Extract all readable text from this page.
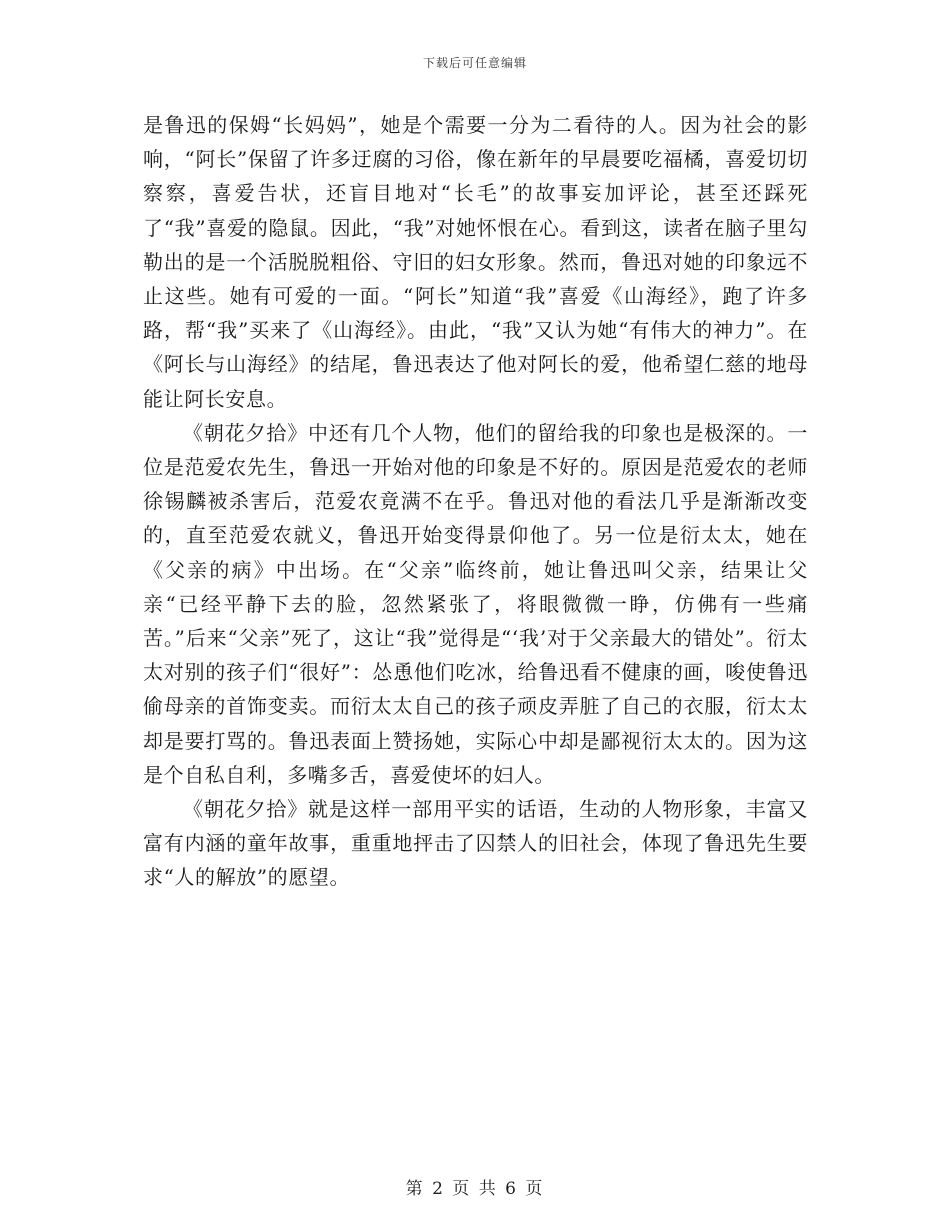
下载后可任意编辑

是鲁迅的保姆“长妈妈”，她是个需要一分为二看待的人。因为社会的影响，“阿长”保留了许多迂腐的习俗，像在新年的早晨要吃福橘，喜爱切切察察，喜爱告状，还盲目地对“长毛”的故事妄加评论，甚至还踩死了“我”喜爱的隐鼠。因此，“我”对她怀恨在心。看到这，读者在脑子里勾勒出的是一个活脱脱粗俗、守旧的妇女形象。然而，鲁迅对她的印象远不止这些。她有可爱的一面。“阿长”知道“我”喜爱《山海经》，跑了许多路，帮“我”买来了《山海经》。由此，“我”又认为她“有伟大的神力”。在《阿长与山海经》的结尾，鲁迅表达了他对阿长的爱，他希望仁慈的地母能让阿长安息。

《朝花夕拾》中还有几个人物，他们的留给我的印象也是极深的。一位是范爱农先生，鲁迅一开始对他的印象是不好的。原因是范爱农的老师徐锡麟被杀害后，范爱农竟满不在乎。鲁迅对他的看法几乎是渐渐改变的，直至范爱农就义，鲁迅开始变得景仰他了。另一位是衍太太，她在《父亲的病》中出场。在“父亲”临终前，她让鲁迅叫父亲，结果让父亲“已经平静下去的脸，忽然紧张了，将眼微微一睁，仿佛有一些痛苦。”后来“父亲”死了，这让“我”觉得是“‘我’对于父亲最大的错处”。衍太太对别的孩子们“很好”：怂恿他们吃冰，给鲁迅看不健康的画，唆使鲁迅偷母亲的首饰变卖。而衍太太自己的孩子顽皮弄脏了自己的衣服，衍太太却是要打骂的。鲁迅表面上赞扬她，实际心中却是鄙视衍太太的。因为这是个自私自利，多嘴多舌，喜爱使坏的妇人。

《朝花夕拾》就是这样一部用平实的话语，生动的人物形象，丰富又富有内涵的童年故事，重重地抨击了囚禁人的旧社会，体现了鲁迅先生要求“人的解放”的愿望。

第 2 页 共 6 页
